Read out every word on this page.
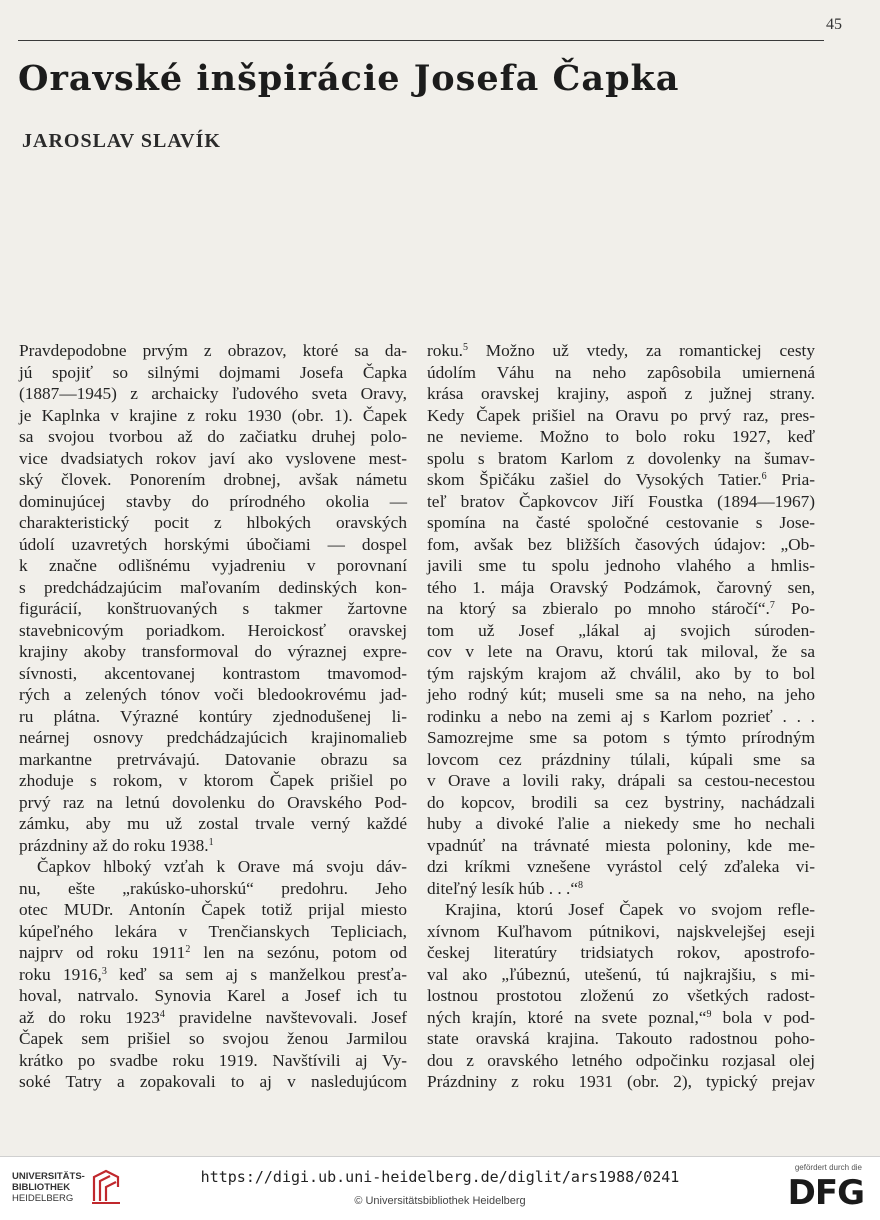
45
Oravské inšpirácie Josefa Čapka
JAROSLAV SLAVÍK
Pravdepodobne prvým z obrazov, ktoré sa da-
jú spojiť so silnými dojmami Josefa Čapka
(1887—1945) z archaicky ľudového sveta Oravy,
je Kaplnka v krajine z roku 1930 (obr. 1). Čapek
sa svojou tvorbou až do začiatku druhej polo-
vice dvadsiatych rokov javí ako vyslovene mest-
ský človek. Ponorením drobnej, avšak námetu
dominujúcej stavby do prírodného okolia —
charakteristický pocit z hlbokých oravských
údolí uzavretých horskými úbočiami — dospel
k značne odlišnému vyjadreniu v porovnaní
s predchádzajúcim maľovaním dedinských kon-
figurácií, konštruovaných s takmer žartovne
stavebnicovým poriadkom. Heroickosť oravskej
krajiny akoby transformoval do výraznej expre-
sívnosti, akcentovanej kontrastom tmavomod-
rých a zelených tónov voči bledookrovému jad-
ru plátna. Výrazné kontúry zjednodušenej li-
neárnej osnovy predchádzajúcich krajinomalieb
markantne pretrvávajú. Datovanie obrazu sa
zhoduje s rokom, v ktorom Čapek prišiel po
prvý raz na letnú dovolenku do Oravského Pod-
zámku, aby mu už zostal trvale verný každé
prázdniny až do roku 1938.$^1$
Čapkov hlboký vzťah k Orave má svoju dáv-
nu, ešte „rakúsko-uhorskú“ predohru. Jeho
otec MUDr. Antonín Čapek totiž prijal miesto
kúpeľného lekára v Trenčianskych Tepliciach,
najprv od roku 1911$^2$ len na sezónu, potom od
roku 1916,$^3$ keď sa sem aj s manželkou presťa-
hoval, natrvalo. Synovia Karel a Josef ich tu
až do roku 1923$^4$ pravidelne navštevovali. Josef
Čapek sem prišiel so svojou ženou Jarmilou
krátko po svadbe roku 1919. Navštívili aj Vy-
soké Tatry a zopakovali to aj v nasledujúcom
roku.$^5$ Možno už vtedy, za romantickej cesty
údolím Váhu na neho zapôsobila umiernená
krása oravskej krajiny, aspoň z južnej strany.
Kedy Čapek prišiel na Oravu po prvý raz, pres-
ne nevieme. Možno to bolo roku 1927, keď
spolu s bratom Karlom z dovolenky na šumav-
skom Špičáku zašiel do Vysokých Tatier.$^6$ Pria-
teľ bratov Čapkovcov Jiří Foustka (1894—1967)
spomína na časté spoločné cestovanie s Jose-
fom, avšak bez bližších časových údajov: „Ob-
javili sme tu spolu jednoho vlahého a hmlis-
tého 1. mája Oravský Podzámok, čarovný sen,
na ktorý sa zbieralo po mnoho stáročí“.$^7$ Po-
tom už Josef „lákal aj svojich súroden-
cov v lete na Oravu, ktorú tak miloval, že sa
tým rajským krajom až chválil, ako by to bol
jeho rodný kút; museli sme sa na neho, na jeho
rodinku a nebo na zemi aj s Karlom pozrieť . . .
Samozrejme sme sa potom s týmto prírodným
lovcom cez prázdniny túlali, kúpali sme sa
v Orave a lovili raky, drápali sa cestou-necestou
do kopcov, brodili sa cez bystriny, nachádzali
huby a divoké ľalie a niekedy sme ho nechali
vpadnúť na trávnaté miesta poloniny, kde me-
dzi kríkmi vznešene vyrástol celý zďaleka vi-
diteľný lesík húb . . .“$^8$
Krajina, ktorú Josef Čapek vo svojom refle-
xívnom Kuľhavom pútnikovi, najskvelejšej eseji
českej literatúry tridsiatych rokov, apostrofo-
val ako „ľúbeznú, utešenú, tú najkrajšiu, s mi-
lostnou prostotou zloženú zo všetkých radost-
ných krajín, ktoré na svete poznal,“$^9$ bola v pod-
state oravská krajina. Takouto radostnou poho-
dou z oravského letného odpočinku rozjasal olej
Prázdniny z roku 1931 (obr. 2), typický prejav
UNIVERSITÄTS-
BIBLIOTHEK
HEIDELBERG
https://digi.ub.uni-heidelberg.de/diglit/ars1988/0241
© Universitätsbibliothek Heidelberg
gefördert durch die
DFG
